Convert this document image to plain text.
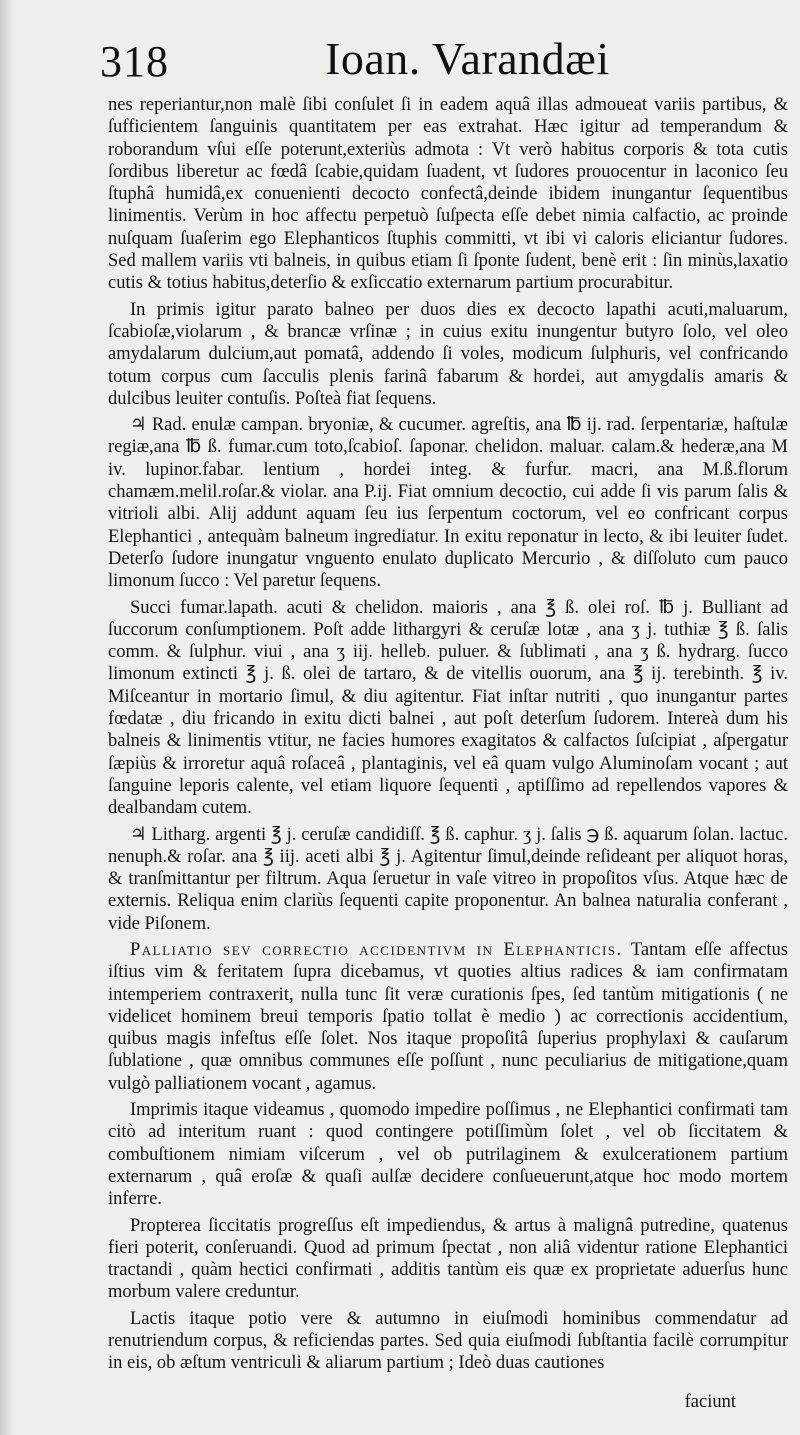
318	Ioan. Varandæi

nes reperiantur,non malè ſibi conſulet ſi in eadem aquâ illas admoueat variis partibus, & ſufficientem ſanguinis quantitatem per eas extrahat. Hæc igitur ad temperandum & roborandum vſui eſſe poterunt,exteriùs admota : Vt verò habitus corporis & tota cutis ſordibus liberetur ac fœdâ ſcabie,quidam ſuadent, vt ſudores prouocentur in laconico ſeu ſtuphâ humidâ,ex conuenienti decocto confectâ,deinde ibidem inungantur ſequentibus linimentis. Verùm in hoc affectu perpetuò ſuſpecta eſſe debet nimia calfactio, ac proinde nuſquam ſuaſerim ego Elephanticos ſtuphis committi, vt ibi vi caloris eliciantur ſudores. Sed mallem variis vti balneis, in quibus etiam ſi ſponte ſudent, benè erit : ſin minùs,laxatio cutis & totius habitus,deterſio & exſiccatio externarum partium procurabitur.

In primis igitur parato balneo per duos dies ex decocto lapathi acuti,maluarum, ſcabioſæ,violarum , & brancæ vrſinæ ; in cuius exitu inungentur butyro ſolo, vel oleo amydalarum dulcium,aut pomatâ, addendo ſi voles, modicum ſulphuris, vel confricando totum corpus cum ſacculis plenis farinâ fabarum & hordei, aut amygdalis amaris & dulcibus leuiter contuſis. Poſteà fiat ſequens.

♃ Rad. enulæ campan. bryoniæ, & cucumer. agreſtis, ana ℔ ij. rad. ſerpentariæ, haſtulæ regiæ,ana ℔ ß. fumar.cum toto,ſcabioſ. ſaponar. chelidon. maluar. calam.& hederæ,ana M iv. lupinor.fabar. lentium , hordei integ. & furfur. macri, ana M.ß.florum chamæm.melil.roſar.& violar. ana P.ij. Fiat omnium decoctio, cui adde ſi vis parum ſalis & vitrioli albi. Alij addunt aquam ſeu ius ſerpentum coctorum, vel eo confricant corpus Elephantici , antequàm balneum ingrediatur. In exitu reponatur in lecto, & ibi leuiter ſudet. Deterſo ſudore inungatur vnguento enulato duplicato Mercurio , & diſſoluto cum pauco limonum ſucco : Vel paretur ſequens.

Succi fumar.lapath. acuti & chelidon. maioris , ana ℥ ß. olei roſ. ℔ j. Bulliant ad ſuccorum conſumptionem. Poſt adde lithargyri & ceruſæ lotæ , ana ʒ j. tuthiæ ℥ ß. ſalis comm. & ſulphur. viui , ana ʒ iij. helleb. puluer. & ſublimati , ana ʒ ß. hydrarg. ſucco limonum extincti ℥ j. ß. olei de tartaro, & de vitellis ouorum, ana ℥ ij. terebinth. ℥ iv. Miſceantur in mortario ſimul, & diu agitentur. Fiat inſtar nutriti , quo inungantur partes fœdatæ , diu fricando in exitu dicti balnei , aut poſt deterſum ſudorem. Intereà dum his balneis & linimentis vtitur, ne facies humores exagitatos & calfactos ſuſcipiat , aſpergatur ſæpiùs & irroretur aquâ roſaceâ , plantaginis, vel eâ quam vulgo Aluminoſam vocant ; aut ſanguine leporis calente, vel etiam liquore ſequenti , aptiſſimo ad repellendos vapores & dealbandam cutem.

♃ Litharg. argenti ℥ j. ceruſæ candidiſſ. ℥ ß. caphur. ʒ j. ſalis ℈ ß. aquarum ſolan. lactuc. nenuph.& roſar. ana ℥ iij. aceti albi ℥ j. Agitentur ſimul,deinde reſideant per aliquot horas, & tranſmittantur per filtrum. Aqua ſeruetur in vaſe vitreo in propoſitos vſus. Atque hæc de externis. Reliqua enim clariùs ſequenti capite proponentur. An balnea naturalia conferant , vide Piſonem.

Palliatio sev correctio accidentivm in Elephanticis. Tantam eſſe affectus iſtius vim & feritatem ſupra dicebamus, vt quoties altius radices & iam confirmatam intemperiem contraxerit, nulla tunc ſit veræ curationis ſpes, ſed tantùm mitigationis ( ne videlicet hominem breui temporis ſpatio tollat è medio ) ac correctionis accidentium, quibus magis infeſtus eſſe ſolet. Nos itaque propoſitâ ſuperius prophylaxi & cauſarum ſublatione , quæ omnibus communes eſſe poſſunt , nunc peculiarius de mitigatione,quam vulgò palliationem vocant , agamus.

Imprimis itaque videamus , quomodo impedire poſſimus , ne Elephantici confirmati tam citò ad interitum ruant : quod contingere potiſſimùm ſolet , vel ob ſiccitatem & combuſtionem nimiam viſcerum , vel ob putrilaginem & exulcerationem partium externarum , quâ eroſæ & quaſi aulſæ decidere conſueuerunt,atque hoc modo mortem inferre.

Propterea ſiccitatis progreſſus eſt impediendus, & artus à malignâ putredine, quatenus fieri poterit, conſeruandi. Quod ad primum ſpectat , non aliâ videntur ratione Elephantici tractandi , quàm hectici confirmati , additis tantùm eis quæ ex proprietate aduerſus hunc morbum valere creduntur.

Lactis itaque potio vere & autumno in eiuſmodi hominibus commendatur ad renutriendum corpus, & reficiendas partes. Sed quia eiuſmodi ſubſtantia facilè corrumpitur in eis, ob æſtum ventriculi & aliarum partium ; Ideò duas cautiones

faciunt
